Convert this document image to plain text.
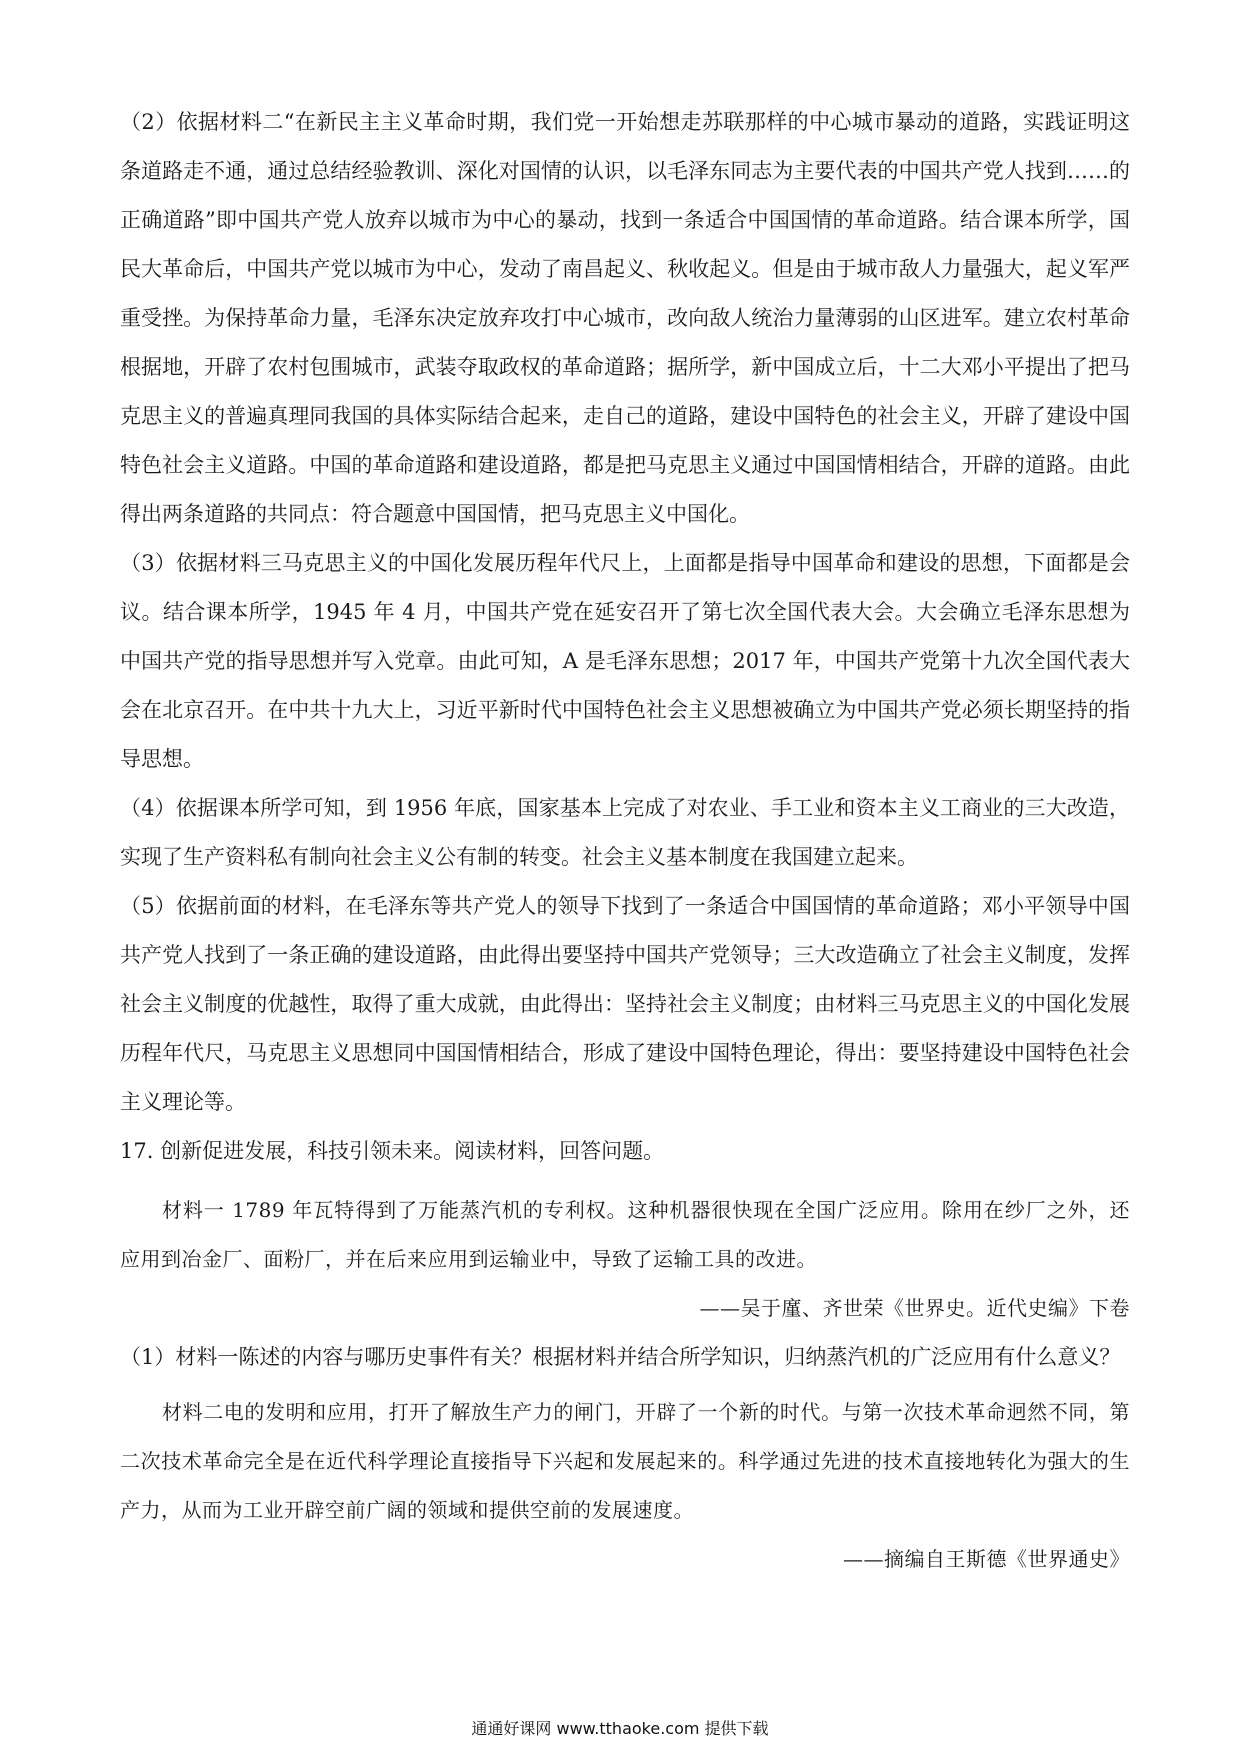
（2）依据材料二“在新民主主义革命时期，我们党一开始想走苏联那样的中心城市暴动的道路，实践证明这条道路走不通，通过总结经验教训、深化对国情的认识，以毛泽东同志为主要代表的中国共产党人找到……的正确道路”即中国共产党人放弃以城市为中心的暴动，找到一条适合中国国情的革命道路。结合课本所学，国民大革命后，中国共产党以城市为中心，发动了南昌起义、秋收起义。但是由于城市敌人力量强大，起义军严重受挫。为保持革命力量，毛泽东决定放弃攻打中心城市，改向敌人统治力量薄弱的山区进军。建立农村革命根据地，开辟了农村包围城市，武装夺取政权的革命道路；据所学，新中国成立后，十二大邓小平提出了把马克思主义的普遍真理同我国的具体实际结合起来，走自己的道路，建设中国特色的社会主义，开辟了建设中国特色社会主义道路。中国的革命道路和建设道路，都是把马克思主义通过中国国情相结合，开辟的道路。由此得出两条道路的共同点：符合题意中国国情，把马克思主义中国化。

（3）依据材料三马克思主义的中国化发展历程年代尺上，上面都是指导中国革命和建设的思想，下面都是会议。结合课本所学，1945 年 4 月，中国共产党在延安召开了第七次全国代表大会。大会确立毛泽东思想为中国共产党的指导思想并写入党章。由此可知，A 是毛泽东思想；2017 年，中国共产党第十九次全国代表大会在北京召开。在中共十九大上，习近平新时代中国特色社会主义思想被确立为中国共产党必须长期坚持的指导思想。

（4）依据课本所学可知，到 1956 年底，国家基本上完成了对农业、手工业和资本主义工商业的三大改造，实现了生产资料私有制向社会主义公有制的转变。社会主义基本制度在我国建立起来。

（5）依据前面的材料，在毛泽东等共产党人的领导下找到了一条适合中国国情的革命道路；邓小平领导中国共产党人找到了一条正确的建设道路，由此得出要坚持中国共产党领导；三大改造确立了社会主义制度，发挥社会主义制度的优越性，取得了重大成就，由此得出：坚持社会主义制度；由材料三马克思主义的中国化发展历程年代尺，马克思主义思想同中国国情相结合，形成了建设中国特色理论，得出：要坚持建设中国特色社会主义理论等。

17. 创新促进发展，科技引领未来。阅读材料，回答问题。

材料一 1789 年瓦特得到了万能蒸汽机的专利权。这种机器很快现在全国广泛应用。除用在纱厂之外，还应用到冶金厂、面粉厂，并在后来应用到运输业中，导致了运输工具的改进。

——吴于廑、齐世荣《世界史。近代史编》下卷

（1）材料一陈述的内容与哪历史事件有关？根据材料并结合所学知识，归纳蒸汽机的广泛应用有什么意义？

材料二电的发明和应用，打开了解放生产力的闸门，开辟了一个新的时代。与第一次技术革命迥然不同，第二次技术革命完全是在近代科学理论直接指导下兴起和发展起来的。科学通过先进的技术直接地转化为强大的生产力，从而为工业开辟空前广阔的领域和提供空前的发展速度。

——摘编自王斯德《世界通史》

通通好课网 www.tthaoke.com 提供下载
